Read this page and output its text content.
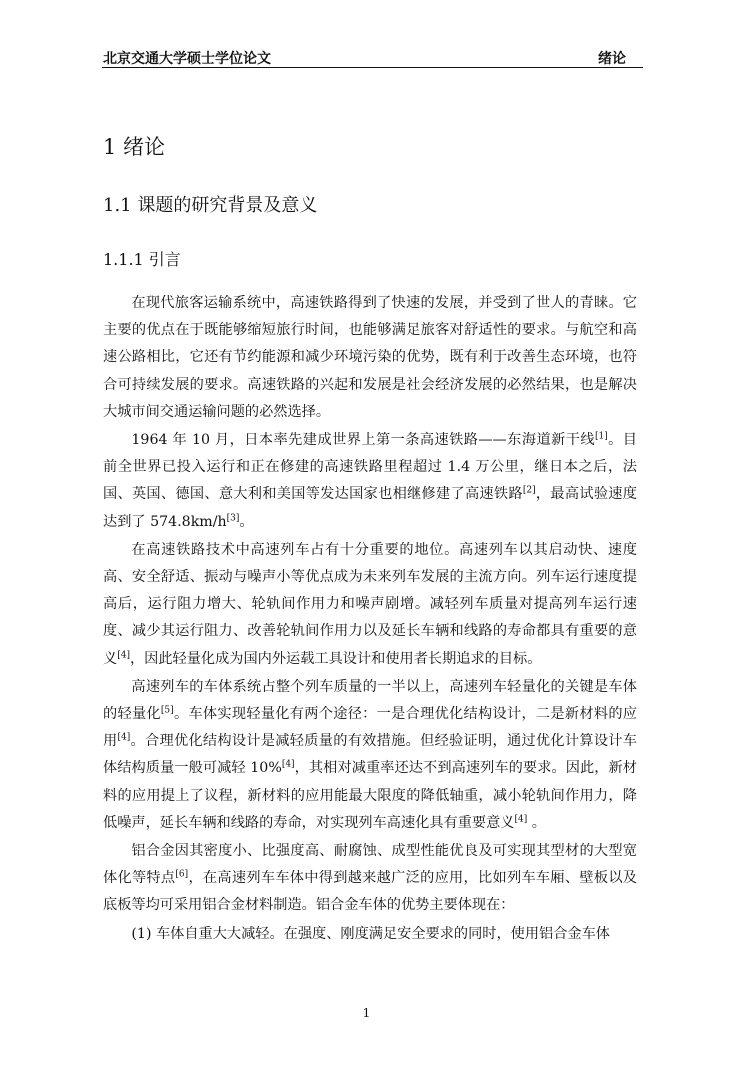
北京交通大学硕士学位论文	绪论
1 绪论
1.1 课题的研究背景及意义
1.1.1 引言

在现代旅客运输系统中，高速铁路得到了快速的发展，并受到了世人的青睐。它主要的优点在于既能够缩短旅行时间，也能够满足旅客对舒适性的要求。与航空和高速公路相比，它还有节约能源和减少环境污染的优势，既有利于改善生态环境，也符合可持续发展的要求。高速铁路的兴起和发展是社会经济发展的必然结果，也是解决大城市间交通运输问题的必然选择。

1964 年 10 月，日本率先建成世界上第一条高速铁路——东海道新干线[1]。目前全世界已投入运行和正在修建的高速铁路里程超过 1.4 万公里，继日本之后，法国、英国、德国、意大利和美国等发达国家也相继修建了高速铁路[2]，最高试验速度达到了 574.8km/h[3]。

在高速铁路技术中高速列车占有十分重要的地位。高速列车以其启动快、速度高、安全舒适、振动与噪声小等优点成为未来列车发展的主流方向。列车运行速度提高后，运行阻力增大、轮轨间作用力和噪声剧增。减轻列车质量对提高列车运行速度、减少其运行阻力、改善轮轨间作用力以及延长车辆和线路的寿命都具有重要的意义[4]，因此轻量化成为国内外运载工具设计和使用者长期追求的目标。

高速列车的车体系统占整个列车质量的一半以上，高速列车轻量化的关键是车体的轻量化[5]。车体实现轻量化有两个途径：一是合理优化结构设计，二是新材料的应用[4]。合理优化结构设计是减轻质量的有效措施。但经验证明，通过优化计算设计车体结构质量一般可减轻 10%[4]，其相对减重率还达不到高速列车的要求。因此，新材料的应用提上了议程，新材料的应用能最大限度的降低轴重，减小轮轨间作用力，降低噪声，延长车辆和线路的寿命，对实现列车高速化具有重要意义[4] 。

铝合金因其密度小、比强度高、耐腐蚀、成型性能优良及可实现其型材的大型宽体化等特点[6]，在高速列车车体中得到越来越广泛的应用，比如列车车厢、壁板以及底板等均可采用铝合金材料制造。铝合金车体的优势主要体现在：

(1) 车体自重大大减轻。在强度、刚度满足安全要求的同时，使用铝合金车体

1
